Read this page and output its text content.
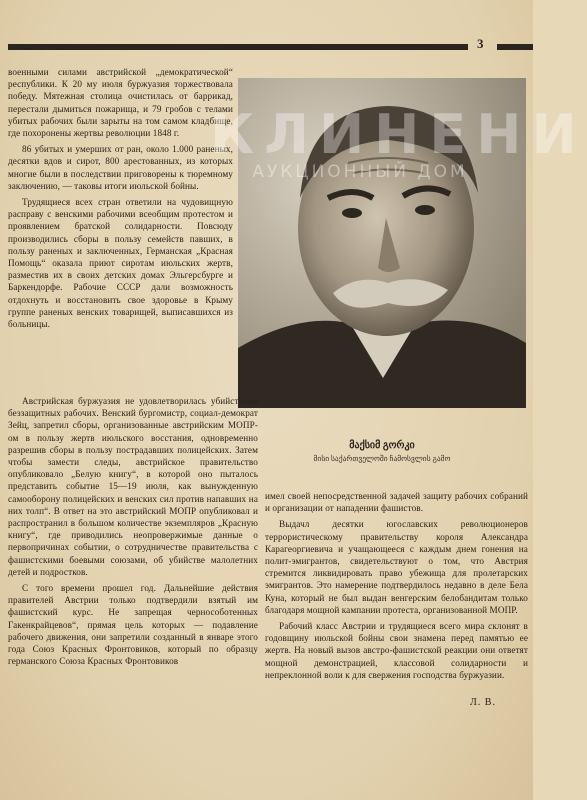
3

военными силами австрийской „демократической“ республики. К 20 му июля буржуазия торжествовала победу. Мятежная столица очистилась от баррикад, перестали дымиться пожарища, и 79 гробов с телами убитых рабочих были зарыты на том самом кладбище, где похоронены жертвы революции 1848 г.

86 убитых и умерших от ран, около 1.000 раненых, десятки вдов и сирот, 800 арестованных, из которых многие были в последствии приговорены к тюремному заключению, — таковы итоги июльской бойны.

Трудящиеся всех стран ответили на чудовищную расправу с венскими рабочими всеобщим протестом и проявлением братской солидарности. Повсюду производились сборы в пользу семейств павших, в пользу раненых и заключенных, Германская „Красная Помощь“ оказала приют сиротам июльских жертв, разместив их в своих детских домах Эльгерсбурге и Баркендорфе. Рабочие СССР дали возможность отдохнуть и восстановить свое здоровье в Крыму группе раненых венских товарищей, выписавшихся из больницы.

КЛИНЕНИ
АУКЦИОННЫЙ ДОМ
მაქსიმ გორკი
მისი საქართველოში ჩამოსვლის გამო

Австрийская буржуазия не удовлетворилась убийствами беззащитных рабочих. Венский бургомистр, социал-демократ Зейц, запретил сборы, организованные австрийским МОПР-ом в пользу жертв июльского восстания, одновременно разрешив сборы в пользу пострадавших полицейских. Затем чтобы замести следы, австрийское правительство опубликовало „Белую книгу“, в которой оно пыталось представить событие 15—19 июля, как вынужденную самооборону полицейских и венских сил против напавших на них толп“. В ответ на это австрийский МОПР опубликовал и распространил в большом количестве экземпляров „Красную книгу“, где приводились неопровержимые данные о первопричинах событии, о сотрудничестве правительства с фашистскими боевыми союзами, об убийстве малолетних детей и подростков.

С того времени прошел год. Дальнейшие действия правителей Австрии только подтвердили взятый им фашистский курс. Не запрещая чернособотенных Гакенкрайцевов“, прямая цель которых — подавление рабочего движения, они запретили созданный в январе этого года Союз Красных Фронтовиков, который по образцу германского Союза Красных Фронтовиков

имел своей непосредственной задачей защиту рабочих собраний и организации от нападении фашистов.

Выдачл десятки югославских революционеров террористическому правительству короля Александра Карагеоргиевича и учащающееся с каждым днем гонения на полит-эмигрантов, свидетельствуют о том, что Австрия стремится ликвидировать право убежища для пролетарских эмигрантов. Это намерение подтвердилось недавно в деле Бела Куна, который не был выдан венгерским белобандитам только благодаря мощной кампании протеста, организованной МОПР.

Рабочий класс Австрии и трудящиеся всего мира склонят в годовщину июльской бойны свои знамена перед памятью ее жертв. На новый вызов австро-фашистской реакции они ответят мощной демонстрацией, классовой солидарности и непреклонной воли к для свержения господства буржуазии.

Л. В.
